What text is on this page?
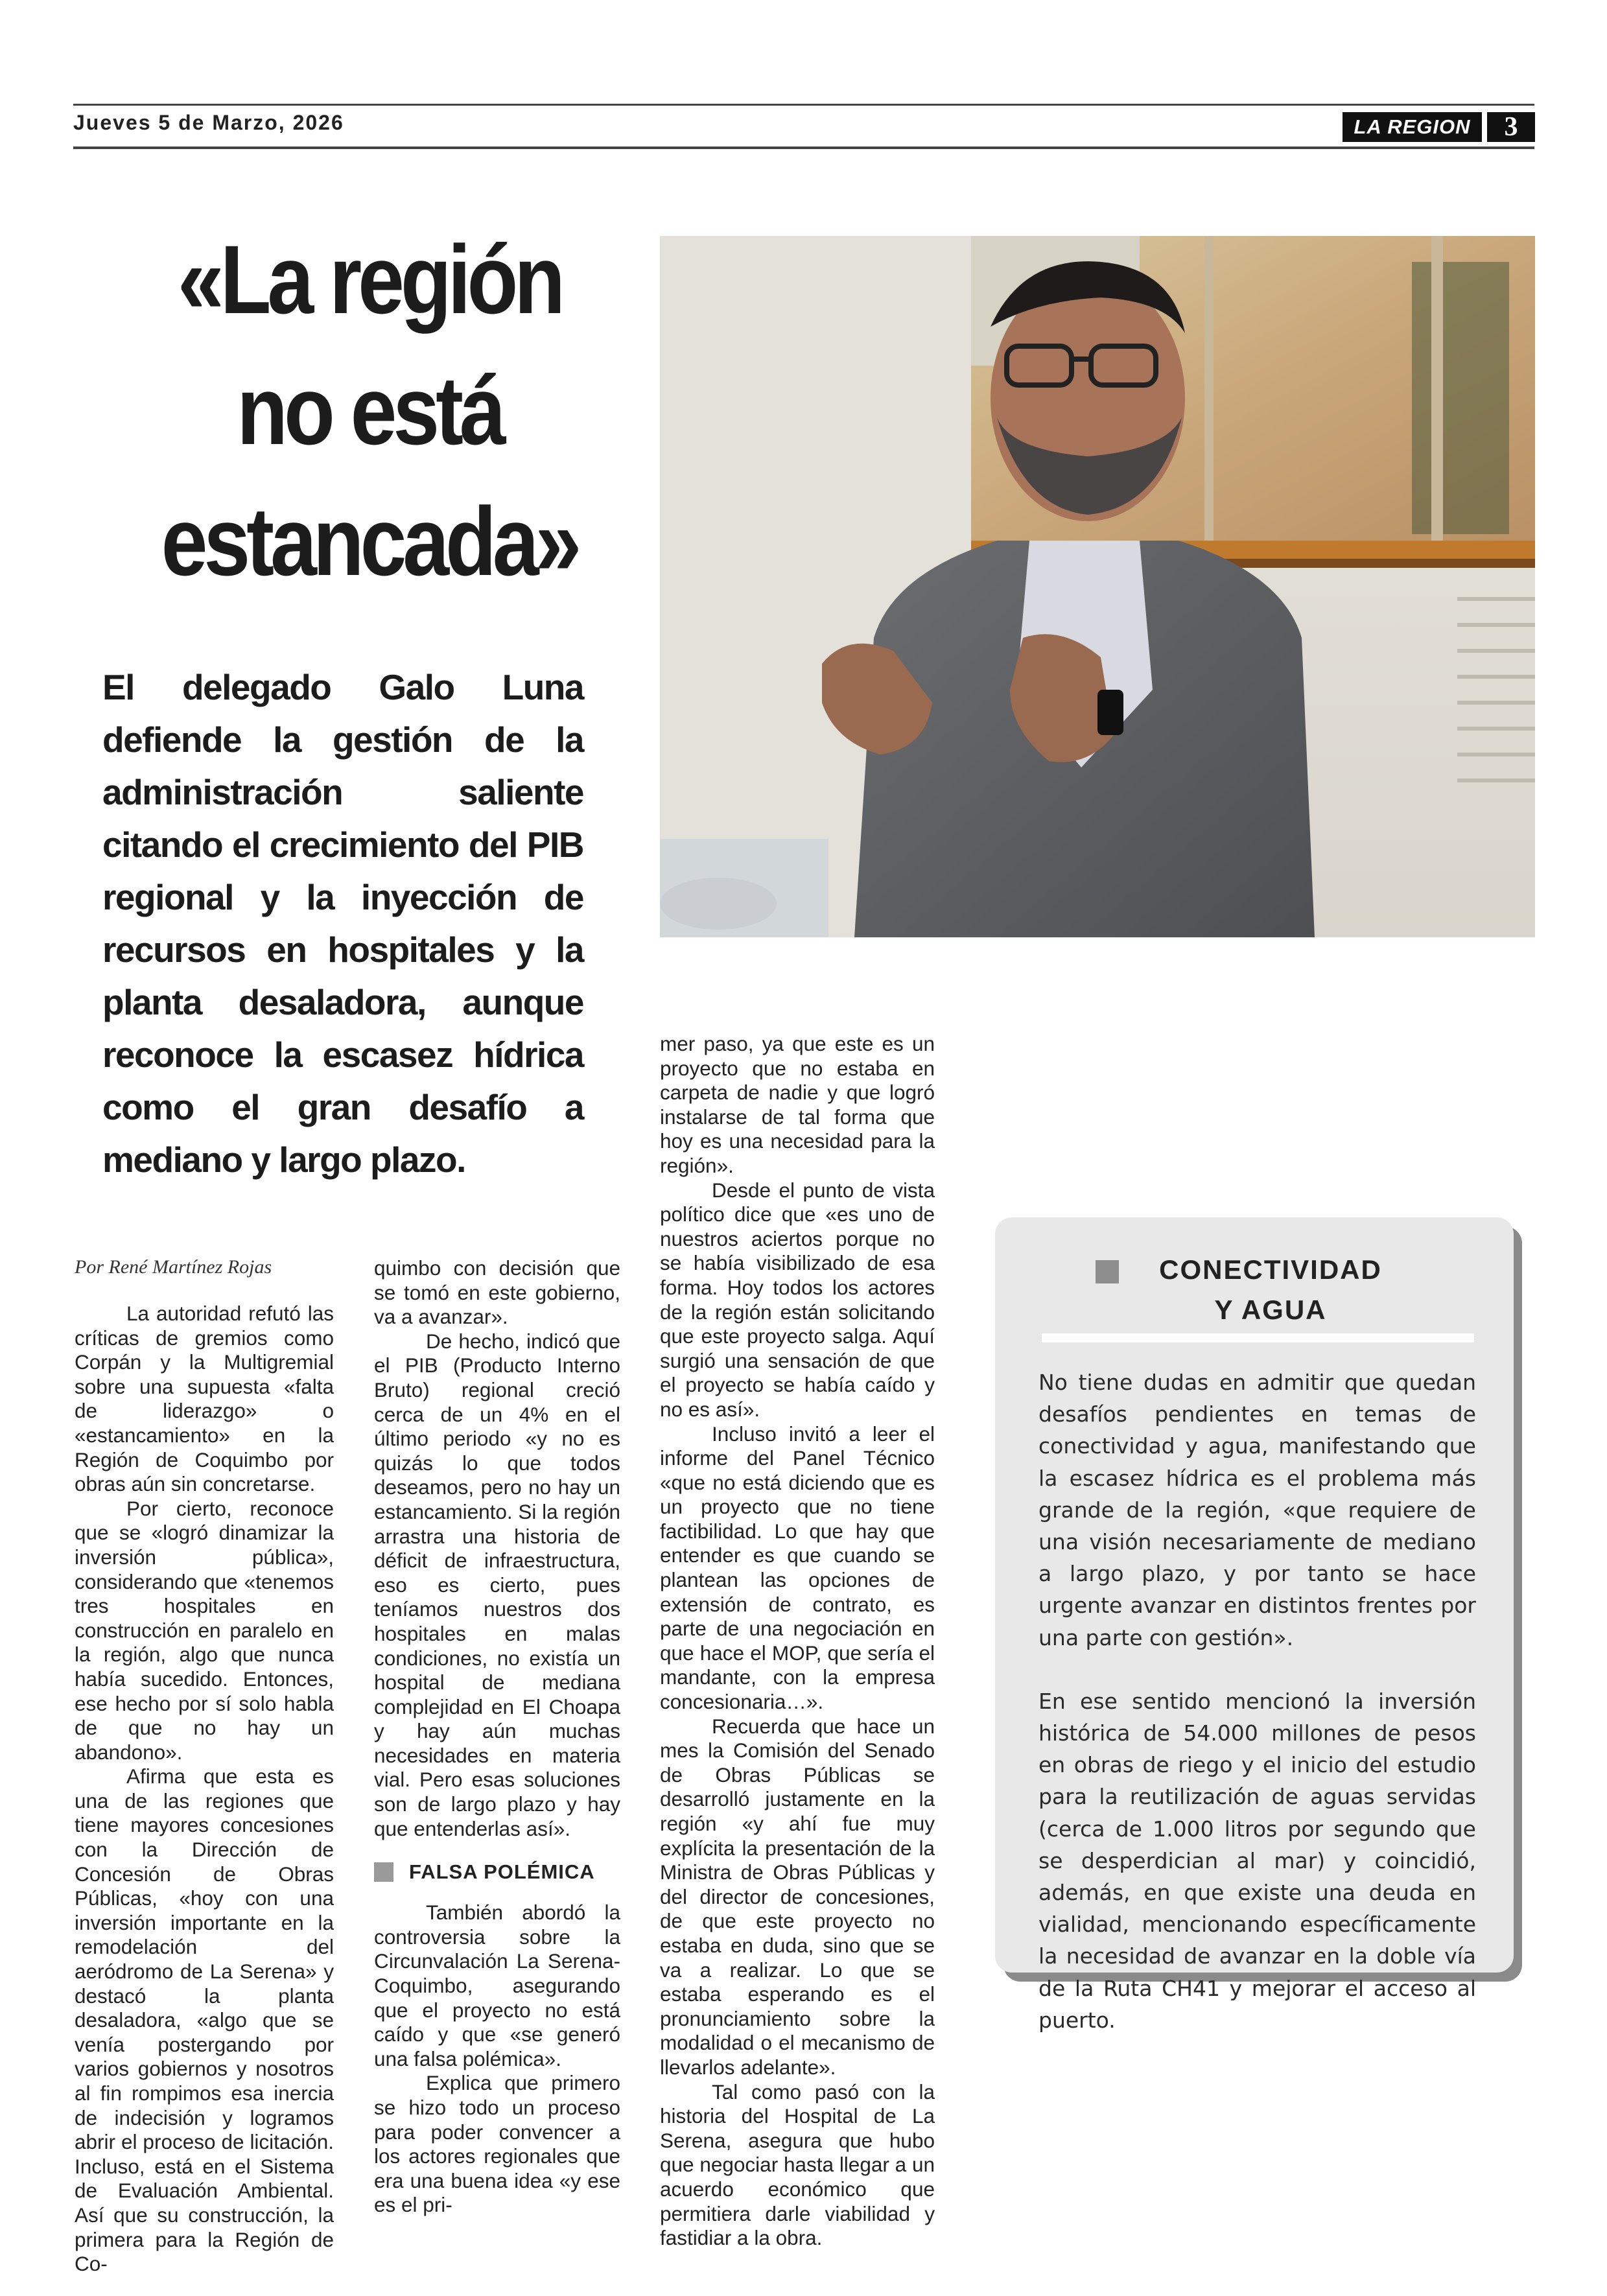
Jueves 5 de Marzo, 2026	LA REGION	3
«La región
no está
estancada»
El delegado Galo Luna defiende la gestión de la administración saliente citando el crecimiento del PIB regional y la inyección de recursos en hospitales y la planta desaladora, aunque reconoce la escasez hídrica como el gran desafío a mediano y largo plazo.
Por René Martínez Rojas

La autoridad refutó las críticas de gremios como Corpán y la Multigremial sobre una supuesta «falta de liderazgo» o «estancamiento» en la Región de Coquimbo por obras aún sin concretarse.

Por cierto, reconoce que se «logró dinamizar la inversión pública», considerando que «tenemos tres hospitales en construcción en paralelo en la región, algo que nunca había sucedido. Entonces, ese hecho por sí solo habla de que no hay un abandono».

Afirma que esta es una de las regiones que tiene mayores concesiones con la Dirección de Concesión de Obras Públicas, «hoy con una inversión importante en la remodelación del aeródromo de La Serena» y destacó la planta desaladora, «algo que se venía postergando por varios gobiernos y nosotros al fin rompimos esa inercia de indecisión y logramos abrir el proceso de licitación. Incluso, está en el Sistema de Evaluación Ambiental. Así que su construcción, la primera para la Región de Co-

quimbo con decisión que se tomó en este gobierno, va a avanzar».

De hecho, indicó que el PIB (Producto Interno Bruto) regional creció cerca de un 4% en el último periodo «y no es quizás lo que todos deseamos, pero no hay un estancamiento. Si la región arrastra una historia de déficit de infraestructura, eso es cierto, pues teníamos nuestros dos hospitales en malas condiciones, no existía un hospital de mediana complejidad en El Choapa y hay aún muchas necesidades en materia vial. Pero esas soluciones son de largo plazo y hay que entenderlas así».

FALSA POLÉMICA

También abordó la controversia sobre la Circunvalación La Serena-Coquimbo, asegurando que el proyecto no está caído y que «se generó una falsa polémica».

Explica que primero se hizo todo un proceso para poder convencer a los actores regionales que era una buena idea «y ese es el pri-

mer paso, ya que este es un proyecto que no estaba en carpeta de nadie y que logró instalarse de tal forma que hoy es una necesidad para la región».

Desde el punto de vista político dice que «es uno de nuestros aciertos porque no se había visibilizado de esa forma. Hoy todos los actores de la región están solicitando que este proyecto salga. Aquí surgió una sensación de que el proyecto se había caído y no es así».

Incluso invitó a leer el informe del Panel Técnico «que no está diciendo que es un proyecto que no tiene factibilidad. Lo que hay que entender es que cuando se plantean las opciones de extensión de contrato, es parte de una negociación en que hace el MOP, que sería el mandante, con la empresa concesionaria…».

Recuerda que hace un mes la Comisión del Senado de Obras Públicas se desarrolló justamente en la región «y ahí fue muy explícita la presentación de la Ministra de Obras Públicas y del director de concesiones, de que este proyecto no estaba en duda, sino que se va a realizar. Lo que se estaba esperando es el pronunciamiento sobre la modalidad o el mecanismo de llevarlos adelante».

Tal como pasó con la historia del Hospital de La Serena, asegura que hubo que negociar hasta llegar a un acuerdo económico que permitiera darle viabilidad y fastidiar a la obra.

CONECTIVIDAD
Y AGUA

No tiene dudas en admitir que quedan desafíos pendientes en temas de conectividad y agua, manifestando que la escasez hídrica es el problema más grande de la región, «que requiere de una visión necesariamente de mediano a largo plazo, y por tanto se hace urgente avanzar en distintos frentes por una parte con gestión».

En ese sentido mencionó la inversión histórica de 54.000 millones de pesos en obras de riego y el inicio del estudio para la reutilización de aguas servidas (cerca de 1.000 litros por segundo que se desperdician al mar) y coincidió, además, en que existe una deuda en vialidad, mencionando específicamente la necesidad de avanzar en la doble vía de la Ruta CH41 y mejorar el acceso al puerto.
